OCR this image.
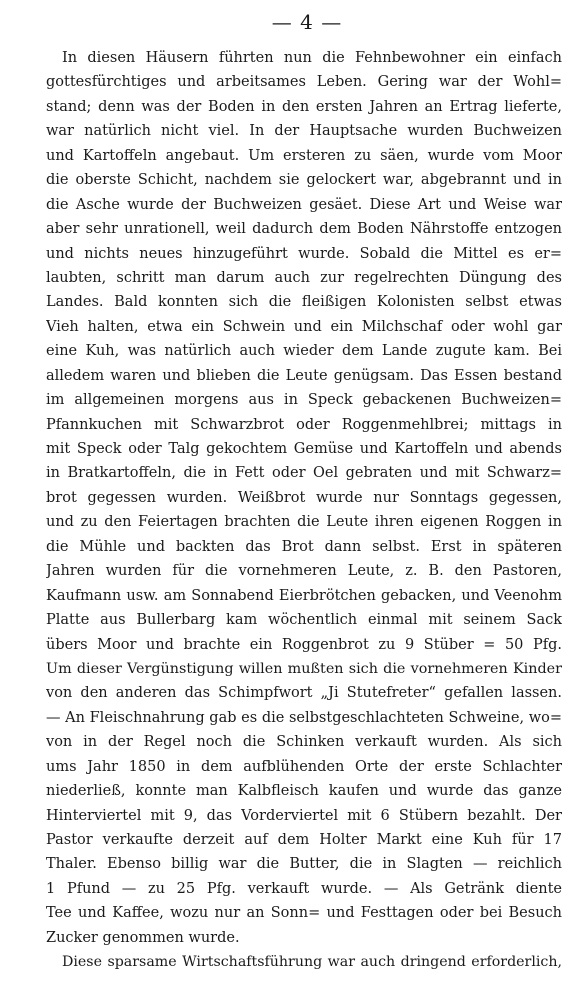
— 4 —
In diesen Häusern führten nun die Fehnbewohner ein einfach
gottesfürchtiges und arbeitsames Leben. Gering war der Wohl=
stand; denn was der Boden in den ersten Jahren an Ertrag lieferte,
war natürlich nicht viel. In der Hauptsache wurden Buchweizen
und Kartoffeln angebaut. Um ersteren zu säen, wurde vom Moor
die oberste Schicht, nachdem sie gelockert war, abgebrannt und in
die Asche wurde der Buchweizen gesäet. Diese Art und Weise war
aber sehr unrationell, weil dadurch dem Boden Nährstoffe entzogen
und nichts neues hinzugeführt wurde. Sobald die Mittel es er=
laubten, schritt man darum auch zur regelrechten Düngung des
Landes. Bald konnten sich die fleißigen Kolonisten selbst etwas
Vieh halten, etwa ein Schwein und ein Milchschaf oder wohl gar
eine Kuh, was natürlich auch wieder dem Lande zugute kam. Bei
alledem waren und blieben die Leute genügsam. Das Essen bestand
im allgemeinen morgens aus in Speck gebackenen Buchweizen=
Pfannkuchen mit Schwarzbrot oder Roggenmehlbrei; mittags in
mit Speck oder Talg gekochtem Gemüse und Kartoffeln und abends
in Bratkartoffeln, die in Fett oder Oel gebraten und mit Schwarz=
brot gegessen wurden. Weißbrot wurde nur Sonntags gegessen,
und zu den Feiertagen brachten die Leute ihren eigenen Roggen in
die Mühle und backten das Brot dann selbst. Erst in späteren
Jahren wurden für die vornehmeren Leute, z. B. den Pastoren,
Kaufmann usw. am Sonnabend Eierbrötchen gebacken, und Veenohm
Platte aus Bullerbarg kam wöchentlich einmal mit seinem Sack
übers Moor und brachte ein Roggenbrot zu 9 Stüber = 50 Pfg.
Um dieser Vergünstigung willen mußten sich die vornehmeren Kinder
von den anderen das Schimpfwort „Ji Stutefreter“ gefallen lassen.
— An Fleischnahrung gab es die selbstgeschlachteten Schweine, wo=
von in der Regel noch die Schinken verkauft wurden. Als sich
ums Jahr 1850 in dem aufblühenden Orte der erste Schlachter
niederließ, konnte man Kalbfleisch kaufen und wurde das ganze
Hinterviertel mit 9, das Vorderviertel mit 6 Stübern bezahlt. Der
Pastor verkaufte derzeit auf dem Holter Markt eine Kuh für 17
Thaler. Ebenso billig war die Butter, die in Slagten — reichlich
1 Pfund — zu 25 Pfg. verkauft wurde. — Als Getränk diente
Tee und Kaffee, wozu nur an Sonn= und Festtagen oder bei Besuch
Zucker genommen wurde.
Diese sparsame Wirtschaftsführung war auch dringend erforderlich,
